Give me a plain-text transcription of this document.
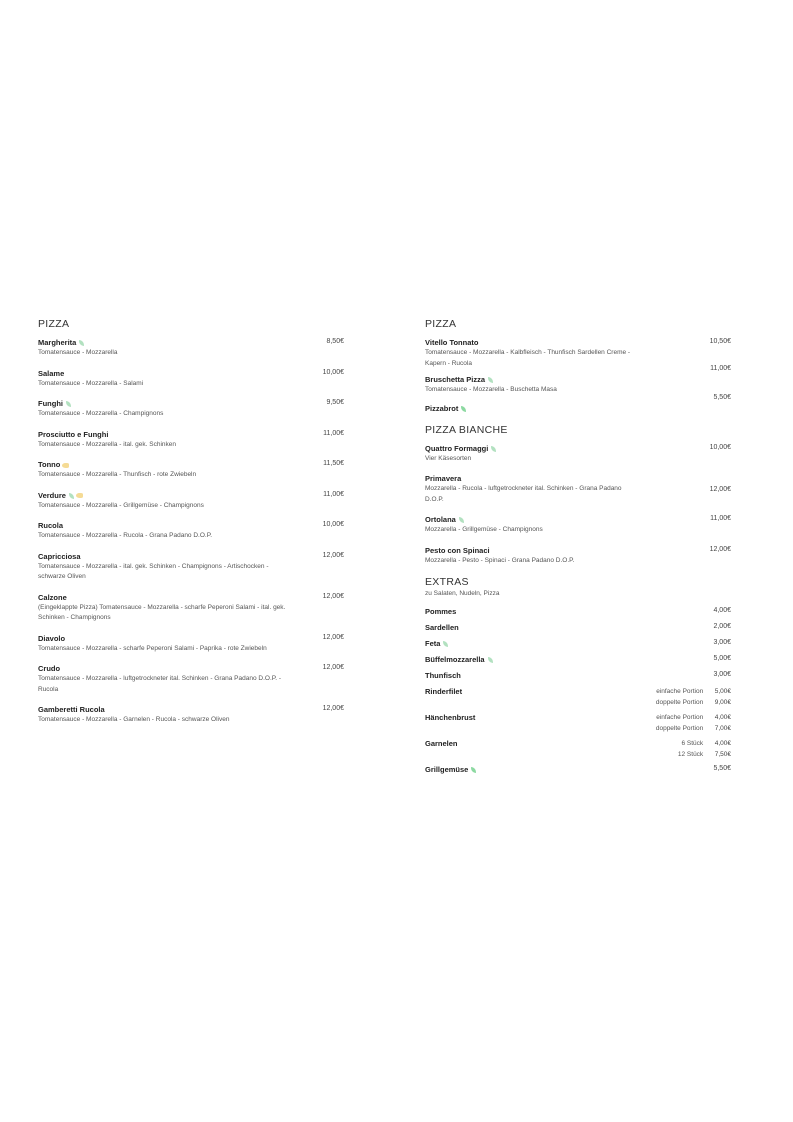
PIZZA
Margherita
Tomatensauce - Mozzarella
8,50€
Salame
Tomatensauce - Mozzarella - Salami
10,00€
Funghi
Tomatensauce - Mozzarella - Champignons
9,50€
Prosciutto e Funghi
Tomatensauce - Mozzarella - ital. gek. Schinken
11,00€
Tonno
Tomatensauce - Mozzarella - Thunfisch - rote Zwiebeln
11,50€
Verdure
Tomatensauce - Mozzarella - Grillgemüse - Champignons
11,00€
Rucola
Tomatensauce - Mozzarella - Rucola - Grana Padano D.O.P.
10,00€
Capricciosa
Tomatensauce - Mozzarella - ital. gek. Schinken - Champignons - Artischocken - schwarze Oliven
12,00€
Calzone
(Eingeklappte Pizza) Tomatensauce - Mozzarella - scharfe Peperoni Salami - ital. gek. Schinken - Champignons
12,00€
Diavolo
Tomatensauce - Mozzarella - scharfe Peperoni Salami - Paprika - rote Zwiebeln
12,00€
Crudo
Tomatensauce - Mozzarella - luftgetrockneter ital. Schinken - Grana Padano D.O.P. - Rucola
12,00€
Gamberetti Rucola
Tomatensauce - Mozzarella - Garnelen - Rucola - schwarze Oliven
12,00€
PIZZA
Vitello Tonnato
Tomatensauce - Mozzarella - Kalbfleisch - Thunfisch Sardellen Creme - Kapern - Rucola
10,50€
Bruschetta Pizza
Tomatensauce - Mozzarella - Buschetta Masa
11,00€
Pizzabrot
5,50€
PIZZA BIANCHE
Quattro Formaggi
Vier Käsesorten
10,00€
Primavera
Mozzarella - Rucola - luftgetrockneter ital. Schinken - Grana Padano D.O.P.
12,00€
Ortolana
Mozzarella - Grillgemüse - Champignons
11,00€
Pesto con Spinaci
Mozzarella - Pesto - Spinaci - Grana Padano D.O.P.
12,00€
EXTRAS
zu Salaten, Nudeln, Pizza
Pommes	4,00€
Sardellen	2,00€
Feta	3,00€
Büffelmozzarella	5,00€
Thunfisch	3,00€
Rinderfilet	einfache Portion 5,00€
doppelte Portion 9,00€
Hänchenbrust	einfache Portion 4,00€
doppelte Portion 7,00€
Garnelen	6 Stück 4,00€
12 Stück 7,50€
Grillgemüse	5,50€
